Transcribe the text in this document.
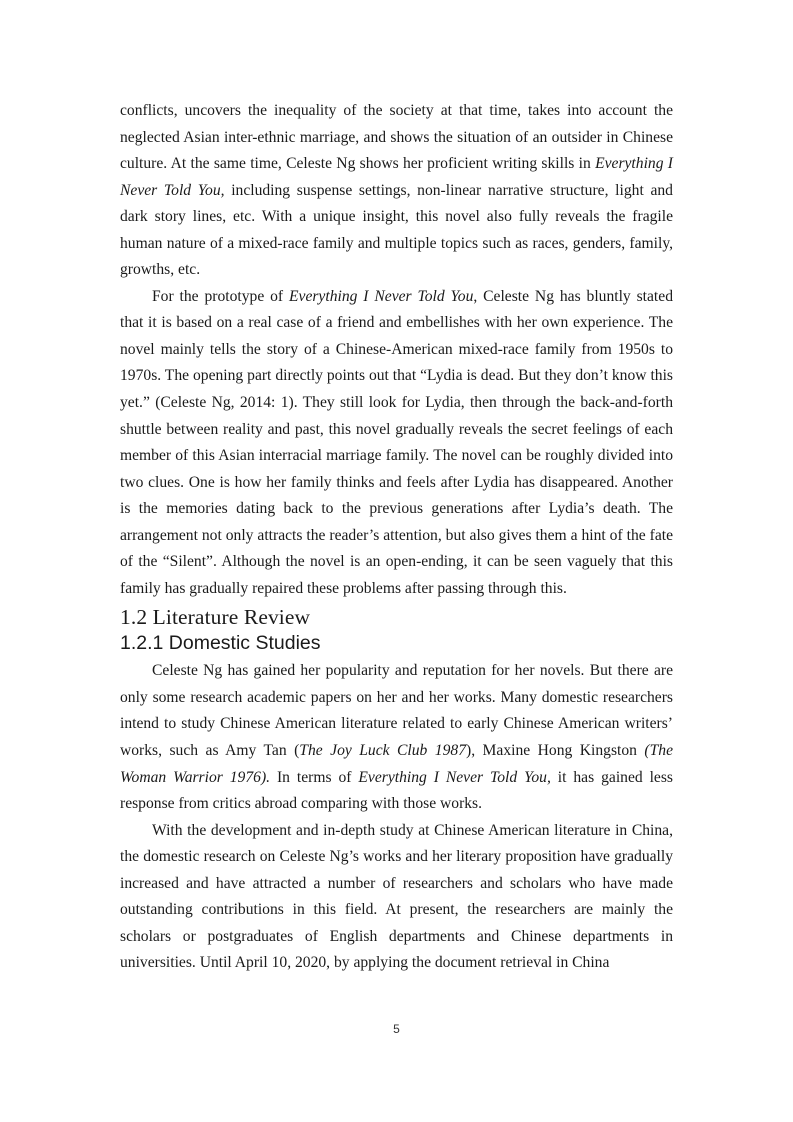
conflicts, uncovers the inequality of the society at that time, takes into account the neglected Asian inter-ethnic marriage, and shows the situation of an outsider in Chinese culture. At the same time, Celeste Ng shows her proficient writing skills in Everything I Never Told You, including suspense settings, non-linear narrative structure, light and dark story lines, etc. With a unique insight, this novel also fully reveals the fragile human nature of a mixed-race family and multiple topics such as races, genders, family, growths, etc.

For the prototype of Everything I Never Told You, Celeste Ng has bluntly stated that it is based on a real case of a friend and embellishes with her own experience. The novel mainly tells the story of a Chinese-American mixed-race family from 1950s to 1970s. The opening part directly points out that “Lydia is dead. But they don’t know this yet.” (Celeste Ng, 2014: 1). They still look for Lydia, then through the back-and-forth shuttle between reality and past, this novel gradually reveals the secret feelings of each member of this Asian interracial marriage family. The novel can be roughly divided into two clues. One is how her family thinks and feels after Lydia has disappeared. Another is the memories dating back to the previous generations after Lydia’s death. The arrangement not only attracts the reader’s attention, but also gives them a hint of the fate of the “Silent”. Although the novel is an open-ending, it can be seen vaguely that this family has gradually repaired these problems after passing through this.

1.2 Literature Review
1.2.1 Domestic Studies

Celeste Ng has gained her popularity and reputation for her novels. But there are only some research academic papers on her and her works. Many domestic researchers intend to study Chinese American literature related to early Chinese American writers’ works, such as Amy Tan (The Joy Luck Club 1987), Maxine Hong Kingston (The Woman Warrior 1976). In terms of Everything I Never Told You, it has gained less response from critics abroad comparing with those works.

With the development and in-depth study at Chinese American literature in China, the domestic research on Celeste Ng’s works and her literary proposition have gradually increased and have attracted a number of researchers and scholars who have made outstanding contributions in this field. At present, the researchers are mainly the scholars or postgraduates of English departments and Chinese departments in universities. Until April 10, 2020, by applying the document retrieval in China

5
